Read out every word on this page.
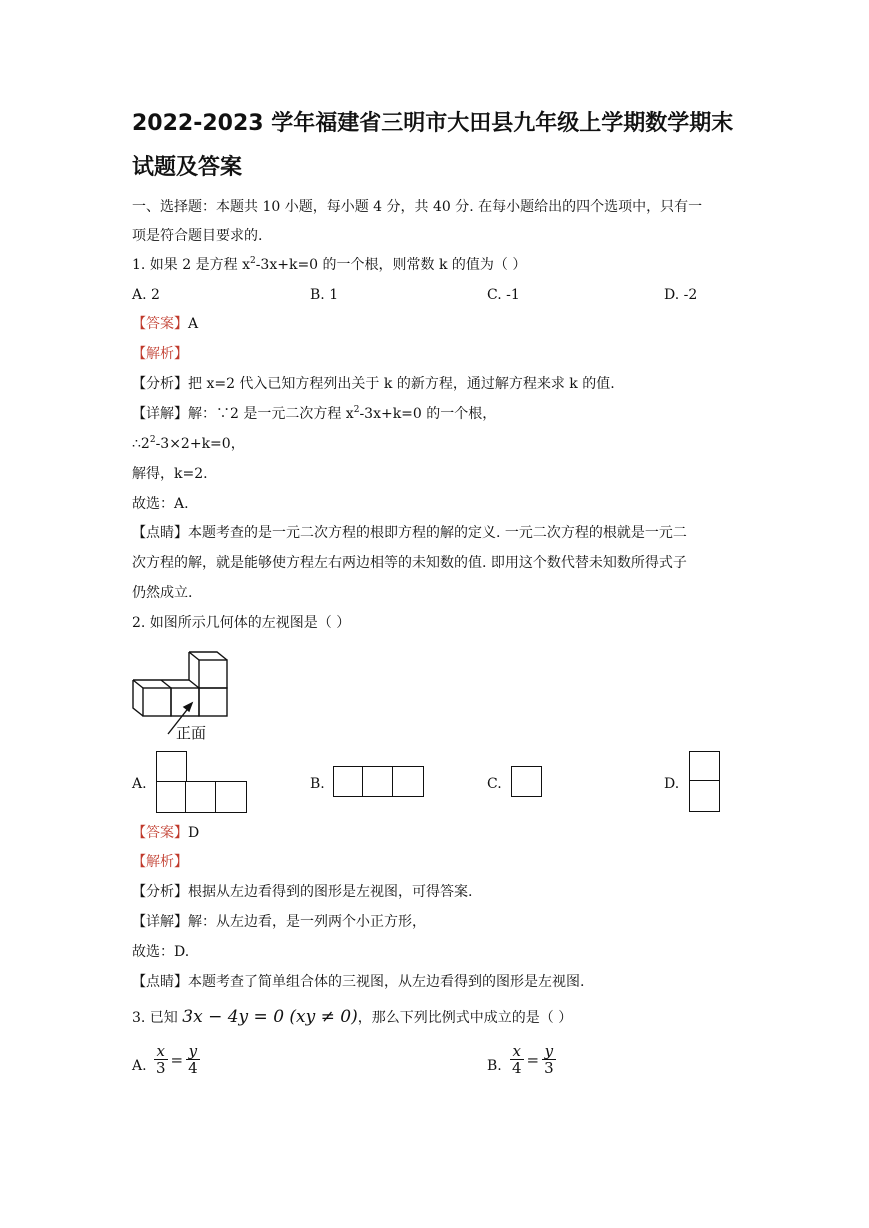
2022-2023 学年福建省三明市大田县九年级上学期数学期末
试题及答案
一、选择题：本题共 10 小题，每小题 4 分，共 40 分. 在每小题给出的四个选项中，只有一
项是符合题目要求的.
1. 如果 2 是方程 $x^2-3x+k=0$ 的一个根，则常数 k 的值为（ ）
A. 2	B. 1	C. -1	D. -2
【答案】A
【解析】
【分析】把 x=2 代入已知方程列出关于 k 的新方程，通过解方程来求 k 的值.
【详解】解：∵2 是一元二次方程 $x^2-3x+k=0$ 的一个根，
$\therefore 2^2-3\times 2+k=0$，
解得，k=2.
故选：A.
【点睛】本题考查的是一元二次方程的根即方程的解的定义. 一元二次方程的根就是一元二
次方程的解，就是能够使方程左右两边相等的未知数的值. 即用这个数代替未知数所得式子
仍然成立.
2. 如图所示几何体的左视图是（ ）
正面
A.	B.	C.	D.
【答案】D
【解析】
【分析】根据从左边看得到的图形是左视图，可得答案.
【详解】解：从左边看，是一列两个小正方形，
故选：D.
【点睛】本题考查了简单组合体的三视图，从左边看得到的图形是左视图.
3. 已知 3x − 4y = 0 (xy ≠ 0)，那么下列比例式中成立的是（ ）
A. $\frac{x}{3} = \frac{y}{4}$	B. $\frac{x}{4} = \frac{y}{3}$
